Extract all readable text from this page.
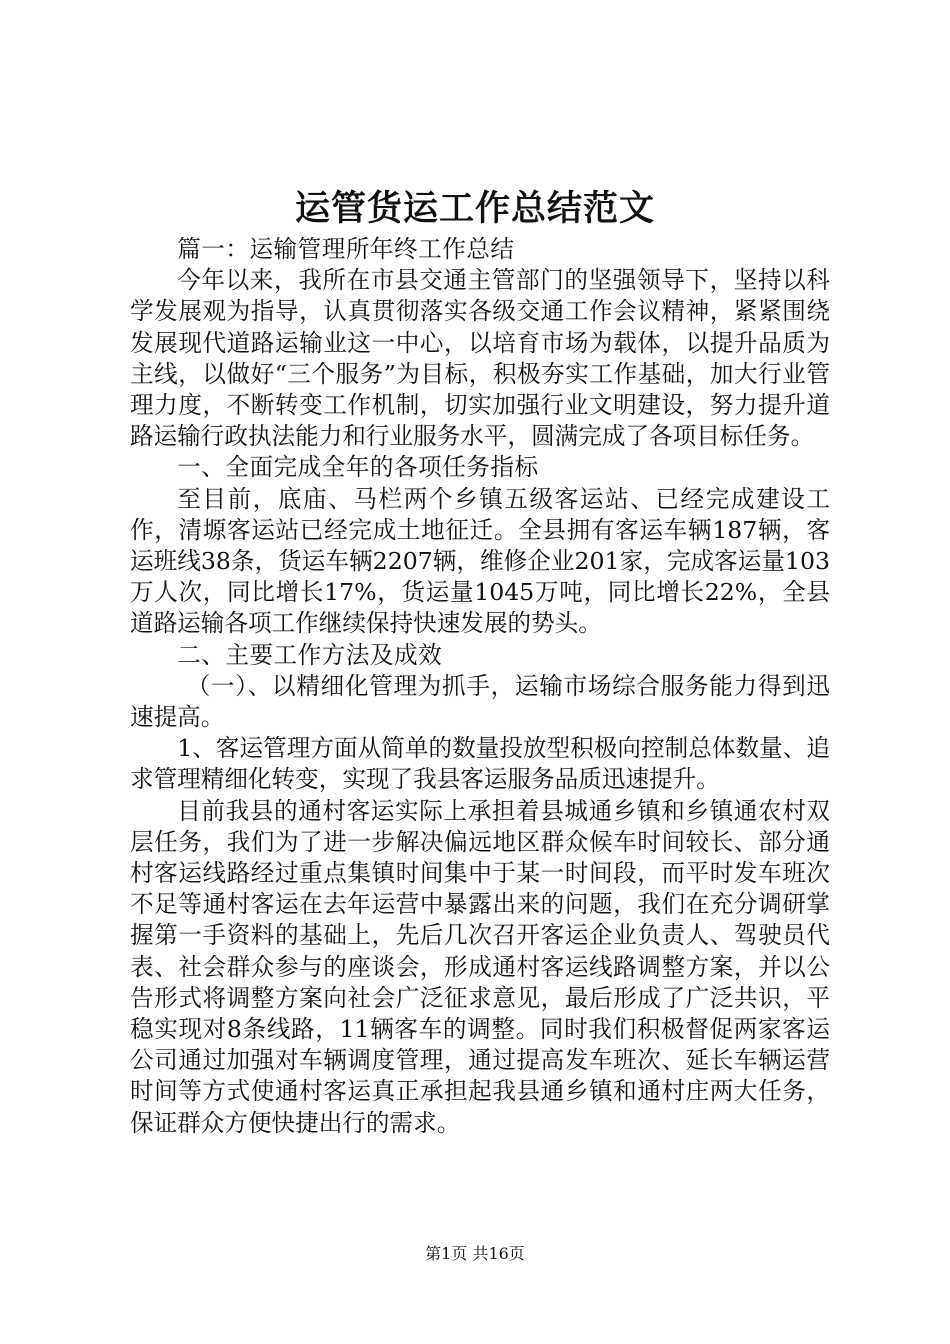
运管货运工作总结范文

篇一：运输管理所年终工作总结

今年以来，我所在市县交通主管部门的坚强领导下，坚持以科学发展观为指导，认真贯彻落实各级交通工作会议精神，紧紧围绕发展现代道路运输业这一中心，以培育市场为载体，以提升品质为主线，以做好“三个服务”为目标，积极夯实工作基础，加大行业管理力度，不断转变工作机制，切实加强行业文明建设，努力提升道路运输行政执法能力和行业服务水平，圆满完成了各项目标任务。

一、全面完成全年的各项任务指标

至目前，底庙、马栏两个乡镇五级客运站、已经完成建设工作，清塬客运站已经完成土地征迁。全县拥有客运车辆187辆，客运班线38条，货运车辆2207辆，维修企业201家，完成客运量103万人次，同比增长17%，货运量1045万吨，同比增长22%，全县道路运输各项工作继续保持快速发展的势头。

二、主要工作方法及成效

（一）、以精细化管理为抓手，运输市场综合服务能力得到迅速提高。

1、客运管理方面从简单的数量投放型积极向控制总体数量、追求管理精细化转变，实现了我县客运服务品质迅速提升。

目前我县的通村客运实际上承担着县城通乡镇和乡镇通农村双层任务，我们为了进一步解决偏远地区群众候车时间较长、部分通村客运线路经过重点集镇时间集中于某一时间段，而平时发车班次不足等通村客运在去年运营中暴露出来的问题，我们在充分调研掌握第一手资料的基础上，先后几次召开客运企业负责人、驾驶员代表、社会群众参与的座谈会，形成通村客运线路调整方案，并以公告形式将调整方案向社会广泛征求意见，最后形成了广泛共识，平稳实现对8条线路，11辆客车的调整。同时我们积极督促两家客运公司通过加强对车辆调度管理，通过提高发车班次、延长车辆运营时间等方式使通村客运真正承担起我县通乡镇和通村庄两大任务，保证群众方便快捷出行的需求。

第1页 共16页
